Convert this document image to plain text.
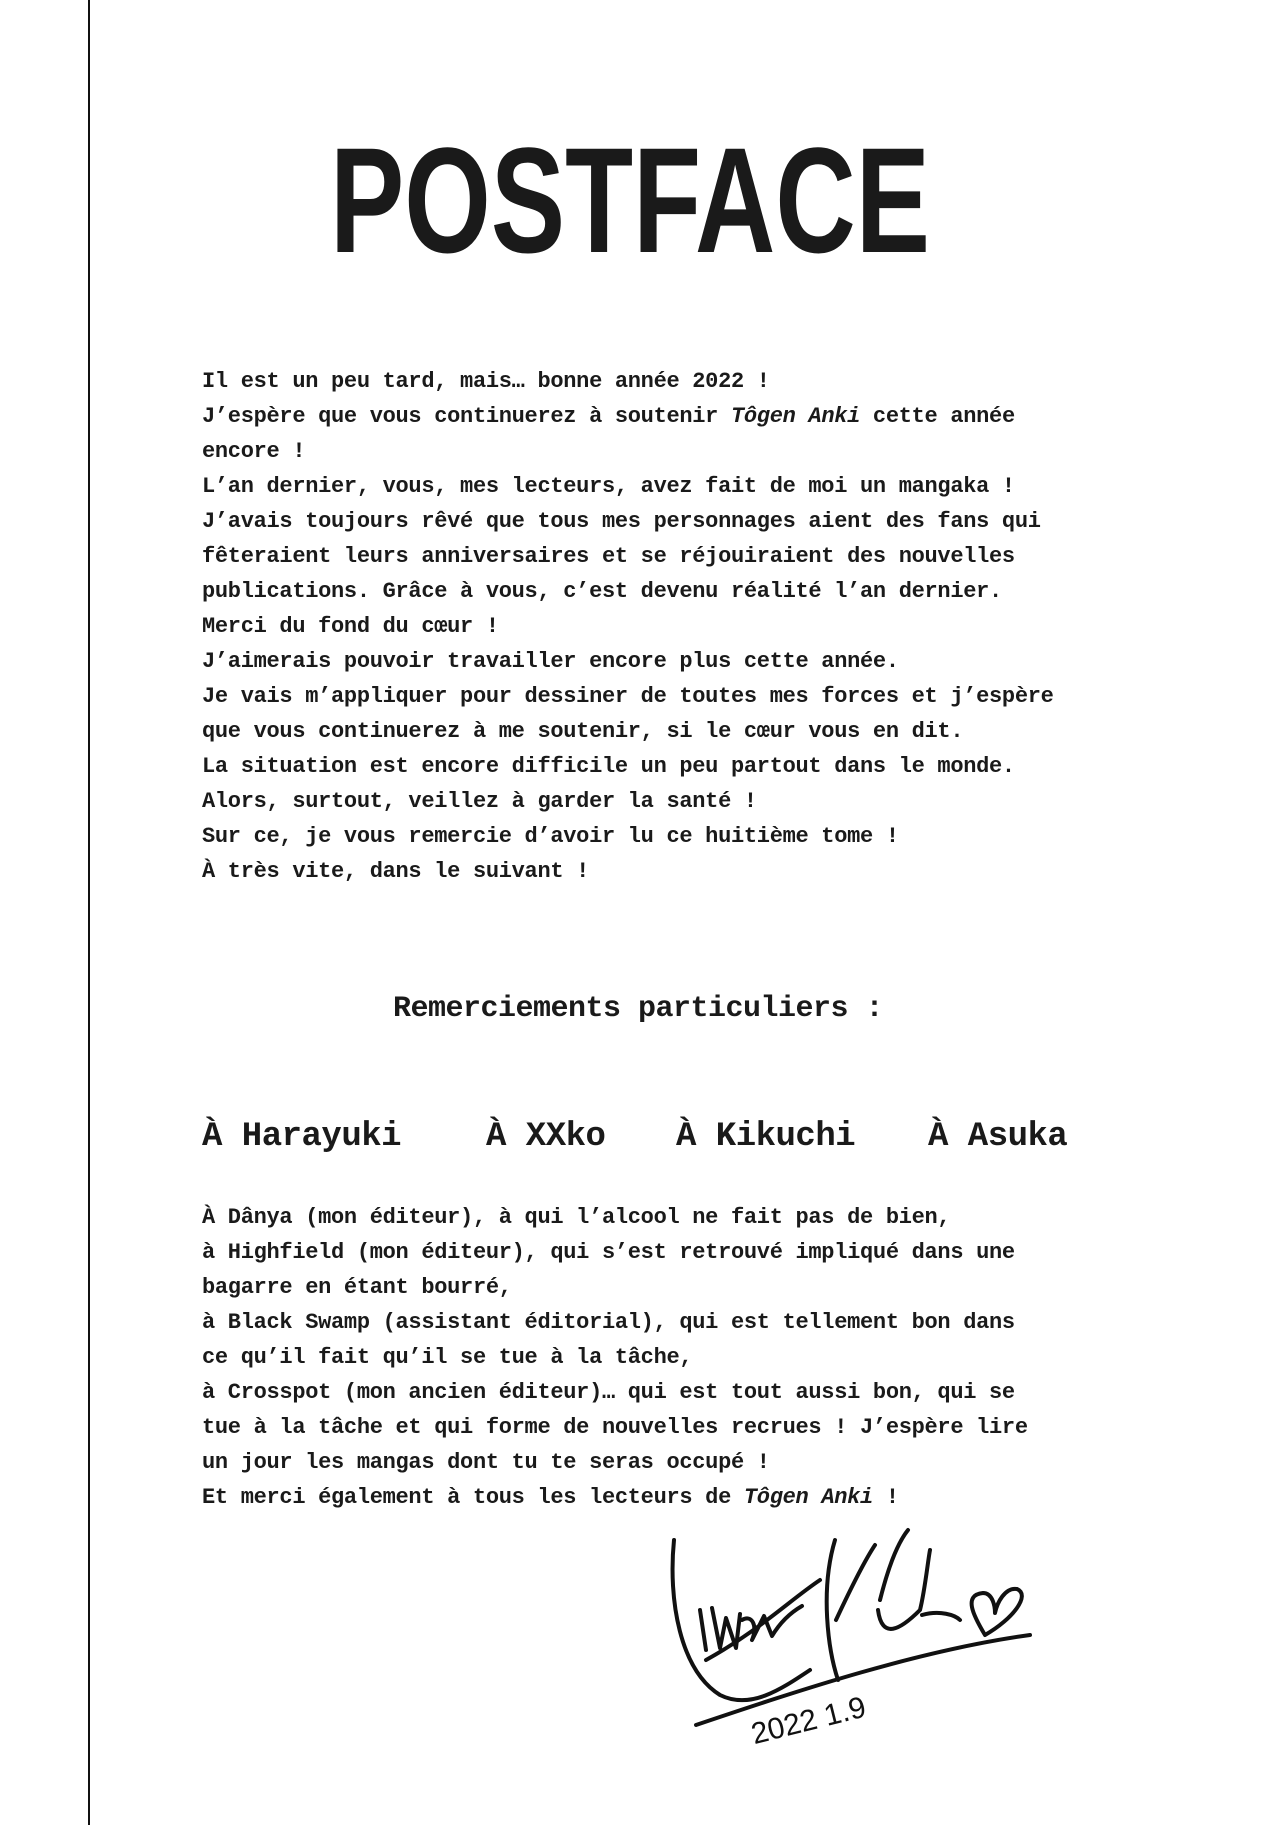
POSTFACE
Il est un peu tard, mais… bonne année 2022 !
J’espère que vous continuerez à soutenir Tôgen Anki cette année
encore !
L’an dernier, vous, mes lecteurs, avez fait de moi un mangaka !
J’avais toujours rêvé que tous mes personnages aient des fans qui
fêteraient leurs anniversaires et se réjouiraient des nouvelles
publications. Grâce à vous, c’est devenu réalité l’an dernier.
Merci du fond du cœur !
J’aimerais pouvoir travailler encore plus cette année.
Je vais m’appliquer pour dessiner de toutes mes forces et j’espère
que vous continuerez à me soutenir, si le cœur vous en dit.
La situation est encore difficile un peu partout dans le monde.
Alors, surtout, veillez à garder la santé !
Sur ce, je vous remercie d’avoir lu ce huitième tome !
À très vite, dans le suivant !
Remerciements particuliers :
À Harayuki À XXko À Kikuchi À Asuka
À Dânya (mon éditeur), à qui l’alcool ne fait pas de bien,
à Highfield (mon éditeur), qui s’est retrouvé impliqué dans une
bagarre en étant bourré,
à Black Swamp (assistant éditorial), qui est tellement bon dans
ce qu’il fait qu’il se tue à la tâche,
à Crosspot (mon ancien éditeur)… qui est tout aussi bon, qui se
tue à la tâche et qui forme de nouvelles recrues ! J’espère lire
un jour les mangas dont tu te seras occupé !
Et merci également à tous les lecteurs de Tôgen Anki !
2022 1.9
